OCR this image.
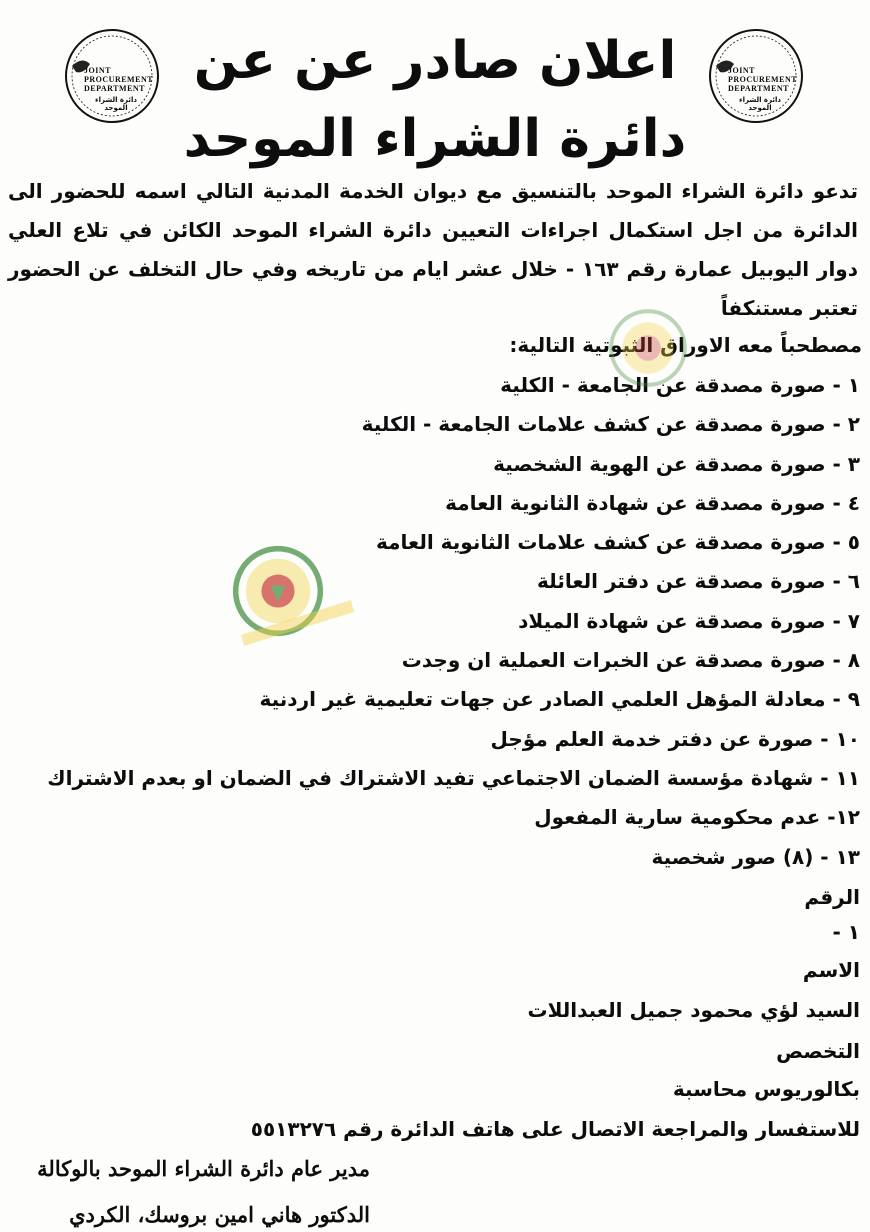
JOINT
PROCUREMENT
DEPARTMENT
دائرة الشراء الموحد
JOINT
PROCUREMENT
DEPARTMENT
دائرة الشراء الموحد
اعلان صادر عن عن
دائرة الشراء الموحد
تدعو دائرة الشراء الموحد بالتنسيق مع ديوان الخدمة المدنية التالي اسمه للحضور الى الدائرة من اجل استكمال اجراءات التعيين دائرة الشراء الموحد الكائن في تلاع العلي دوار اليوبيل عمارة رقم ١٦٣ - خلال عشر ايام من تاريخه وفي حال التخلف عن الحضور تعتبر مستنكفاً
مصطحباً معه الاوراق الثبوتية التالية:
١ - صورة مصدقة عن الجامعة - الكلية
٢ - صورة مصدقة عن كشف علامات الجامعة - الكلية
٣ - صورة مصدقة عن الهوية الشخصية
٤ - صورة مصدقة عن شهادة الثانوية العامة
٥ - صورة مصدقة عن كشف علامات الثانوية العامة
٦ - صورة مصدقة عن دفتر العائلة
٧ - صورة مصدقة عن شهادة الميلاد
٨ - صورة مصدقة عن الخبرات العملية ان وجدت
٩ - معادلة المؤهل العلمي الصادر عن جهات تعليمية غير اردنية
١٠ - صورة عن دفتر خدمة العلم مؤجل
١١ - شهادة مؤسسة الضمان الاجتماعي تفيد الاشتراك في الضمان او بعدم الاشتراك
١٢- عدم محكومية سارية المفعول
١٣ - (٨) صور شخصية
الرقم
١ -
الاسم
السيد لؤي محمود جميل العبداللات
التخصص
بكالوريوس محاسبة
للاستفسار والمراجعة الاتصال على هاتف الدائرة رقم ٥٥١٣٢٧٦
مدير عام دائرة الشراء الموحد بالوكالة
الدكتور هاني امين بروسك، الكردي
